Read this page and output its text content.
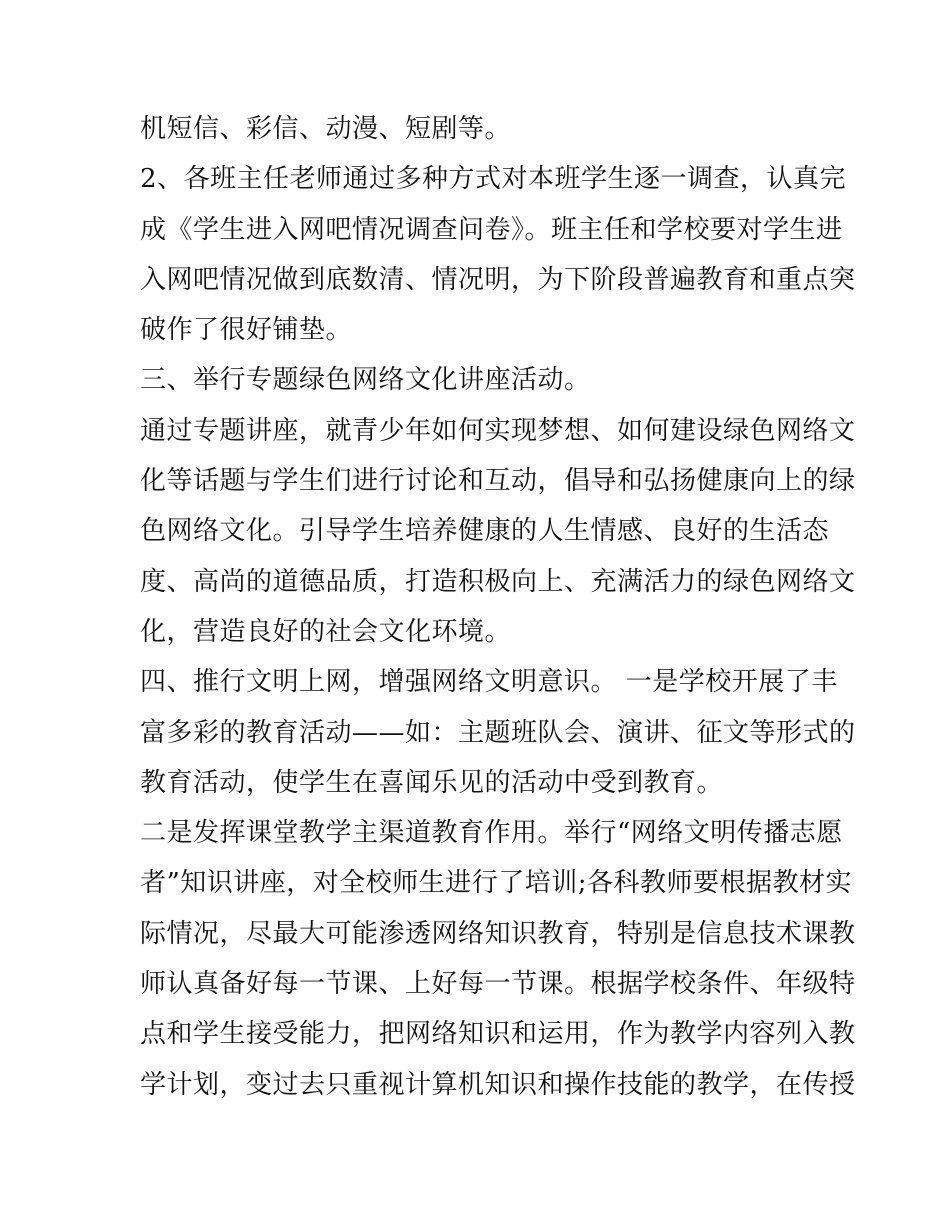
机短信、彩信、动漫、短剧等。
2、各班主任老师通过多种方式对本班学生逐一调查，认真完
成《学生进入网吧情况调查问卷》。班主任和学校要对学生进
入网吧情况做到底数清、情况明，为下阶段普遍教育和重点突
破作了很好铺垫。
三、举行专题绿色网络文化讲座活动。
通过专题讲座，就青少年如何实现梦想、如何建设绿色网络文
化等话题与学生们进行讨论和互动，倡导和弘扬健康向上的绿
色网络文化。引导学生培养健康的人生情感、良好的生活态
度、高尚的道德品质，打造积极向上、充满活力的绿色网络文
化，营造良好的社会文化环境。
四、推行文明上网，增强网络文明意识。 一是学校开展了丰
富多彩的教育活动——如：主题班队会、演讲、征文等形式的
教育活动，使学生在喜闻乐见的活动中受到教育。
二是发挥课堂教学主渠道教育作用。举行“网络文明传播志愿
者”知识讲座，对全校师生进行了培训;各科教师要根据教材实
际情况，尽最大可能渗透网络知识教育，特别是信息技术课教
师认真备好每一节课、上好每一节课。根据学校条件、年级特
点和学生接受能力，把网络知识和运用，作为教学内容列入教
学计划，变过去只重视计算机知识和操作技能的教学，在传授
